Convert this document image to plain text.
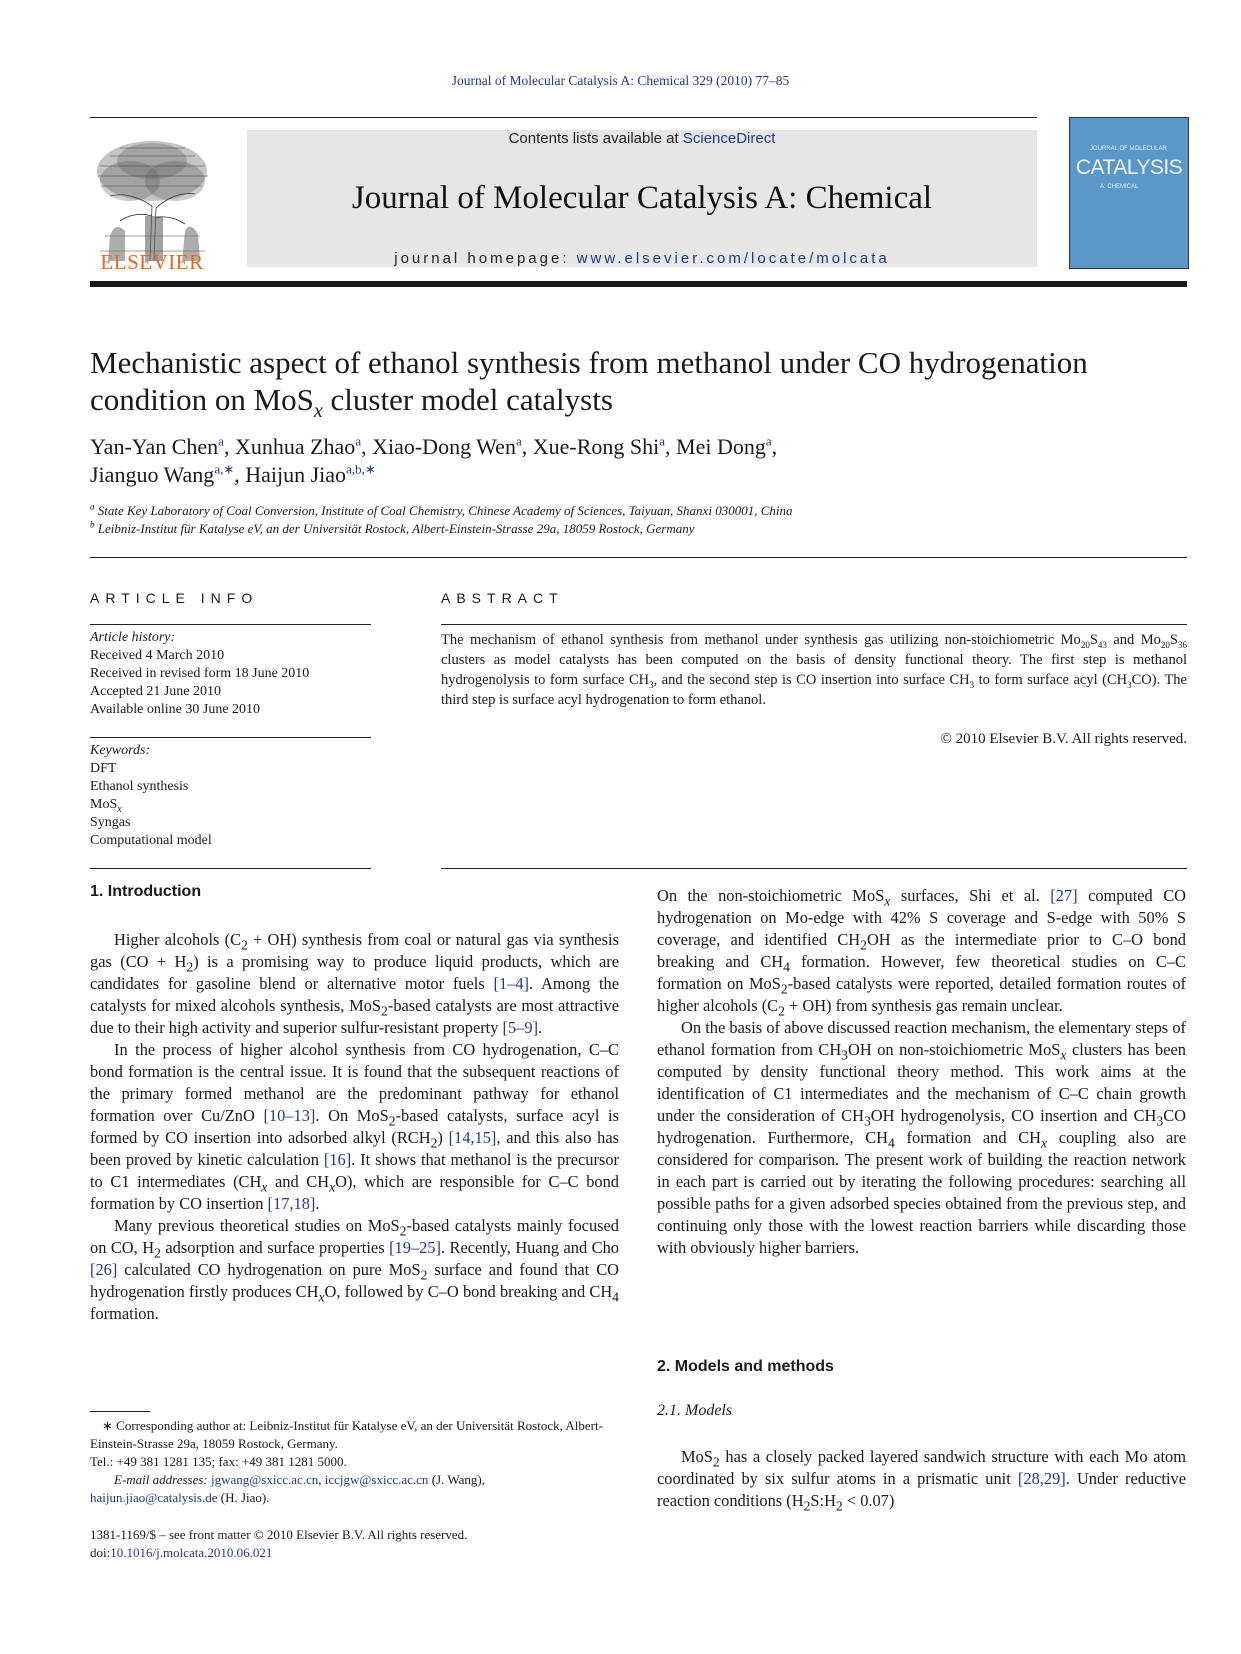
Journal of Molecular Catalysis A: Chemical 329 (2010) 77–85
ELSEVIER
Contents lists available at ScienceDirect
Journal of Molecular Catalysis A: Chemical
journal homepage: www.elsevier.com/locate/molcata
JOURNAL OF MOLECULAR
CATALYSIS
A: CHEMICAL
Mechanistic aspect of ethanol synthesis from methanol under CO hydrogenation
condition on MoS$_x$ cluster model catalysts
Yan-Yan Chen$^a$, Xunhua Zhao$^a$, Xiao-Dong Wen$^a$, Xue-Rong Shi$^a$, Mei Dong$^a$,
Jianguo Wang$^{a,∗}$, Haijun Jiao$^{a,b,∗}$
$^a$ State Key Laboratory of Coal Conversion, Institute of Coal Chemistry, Chinese Academy of Sciences, Taiyuan, Shanxi 030001, China
$^b$ Leibniz-Institut für Katalyse eV, an der Universität Rostock, Albert-Einstein-Strasse 29a, 18059 Rostock, Germany
ARTICLE INFO
Article history:
Received 4 March 2010
Received in revised form 18 June 2010
Accepted 21 June 2010
Available online 30 June 2010
Keywords:
DFT
Ethanol synthesis
MoS$_x$
Syngas
Computational model
ABSTRACT
The mechanism of ethanol synthesis from methanol under synthesis gas utilizing non-stoichiometric $Mo_{20}S_{43}$ and $Mo_{20}S_{36}$ clusters as model catalysts has been computed on the basis of density functional theory. The first step is methanol hydrogenolysis to form surface $CH_3$, and the second step is CO insertion into surface $CH_3$ to form surface acyl $(CH_3CO)$. The third step is surface acyl hydrogenation to form ethanol.
© 2010 Elsevier B.V. All rights reserved.
1. Introduction

Higher alcohols $(C_2 + OH)$ synthesis from coal or natural gas via synthesis gas $(CO + H_2)$ is a promising way to produce liquid products, which are candidates for gasoline blend or alternative motor fuels [1–4]. Among the catalysts for mixed alcohols synthesis, MoS$_2$-based catalysts are most attractive due to their high activity and superior sulfur-resistant property [5–9].

In the process of higher alcohol synthesis from CO hydrogenation, C–C bond formation is the central issue. It is found that the subsequent reactions of the primary formed methanol are the predominant pathway for ethanol formation over Cu/ZnO [10–13]. On MoS$_2$-based catalysts, surface acyl is formed by CO insertion into adsorbed alkyl $(RCH_2)$ [14,15], and this also has been proved by kinetic calculation [16]. It shows that methanol is the precursor to C1 intermediates ($CH_x$ and $CH_xO$), which are responsible for C–C bond formation by CO insertion [17,18].

Many previous theoretical studies on MoS$_2$-based catalysts mainly focused on CO, $H_2$ adsorption and surface properties [19–25]. Recently, Huang and Cho [26] calculated CO hydrogenation on pure MoS$_2$ surface and found that CO hydrogenation firstly produces $CH_xO$, followed by C–O bond breaking and $CH_4$ formation.

On the non-stoichiometric MoS$_x$ surfaces, Shi et al. [27] computed CO hydrogenation on Mo-edge with 42% S coverage and S-edge with 50% S coverage, and identified $CH_2OH$ as the intermediate prior to C–O bond breaking and $CH_4$ formation. However, few theoretical studies on C–C formation on MoS$_2$-based catalysts were reported, detailed formation routes of higher alcohols $(C_2 + OH)$ from synthesis gas remain unclear.

On the basis of above discussed reaction mechanism, the elementary steps of ethanol formation from $CH_3OH$ on non-stoichiometric MoS$_x$ clusters has been computed by density functional theory method. This work aims at the identification of C1 intermediates and the mechanism of C–C chain growth under the consideration of $CH_3OH$ hydrogenolysis, CO insertion and $CH_3CO$ hydrogenation. Furthermore, $CH_4$ formation and $CH_x$ coupling also are considered for comparison. The present work of building the reaction network in each part is carried out by iterating the following procedures: searching all possible paths for a given adsorbed species obtained from the previous step, and continuing only those with the lowest reaction barriers while discarding those with obviously higher barriers.

2. Models and methods
2.1. Models

MoS$_2$ has a closely packed layered sandwich structure with each Mo atom coordinated by six sulfur atoms in a prismatic unit [28,29]. Under reductive reaction conditions $(H_2S:H_2 < 0.07)$

∗ Corresponding author at: Leibniz-Institut für Katalyse eV, an der Universität Rostock, Albert-Einstein-Strasse 29a, 18059 Rostock, Germany.
Tel.: +49 381 1281 135; fax: +49 381 1281 5000.
E-mail addresses: jgwang@sxicc.ac.cn, iccjgw@sxicc.ac.cn (J. Wang),
haijun.jiao@catalysis.de (H. Jiao).
1381-1169/$ – see front matter © 2010 Elsevier B.V. All rights reserved.
doi:10.1016/j.molcata.2010.06.021
